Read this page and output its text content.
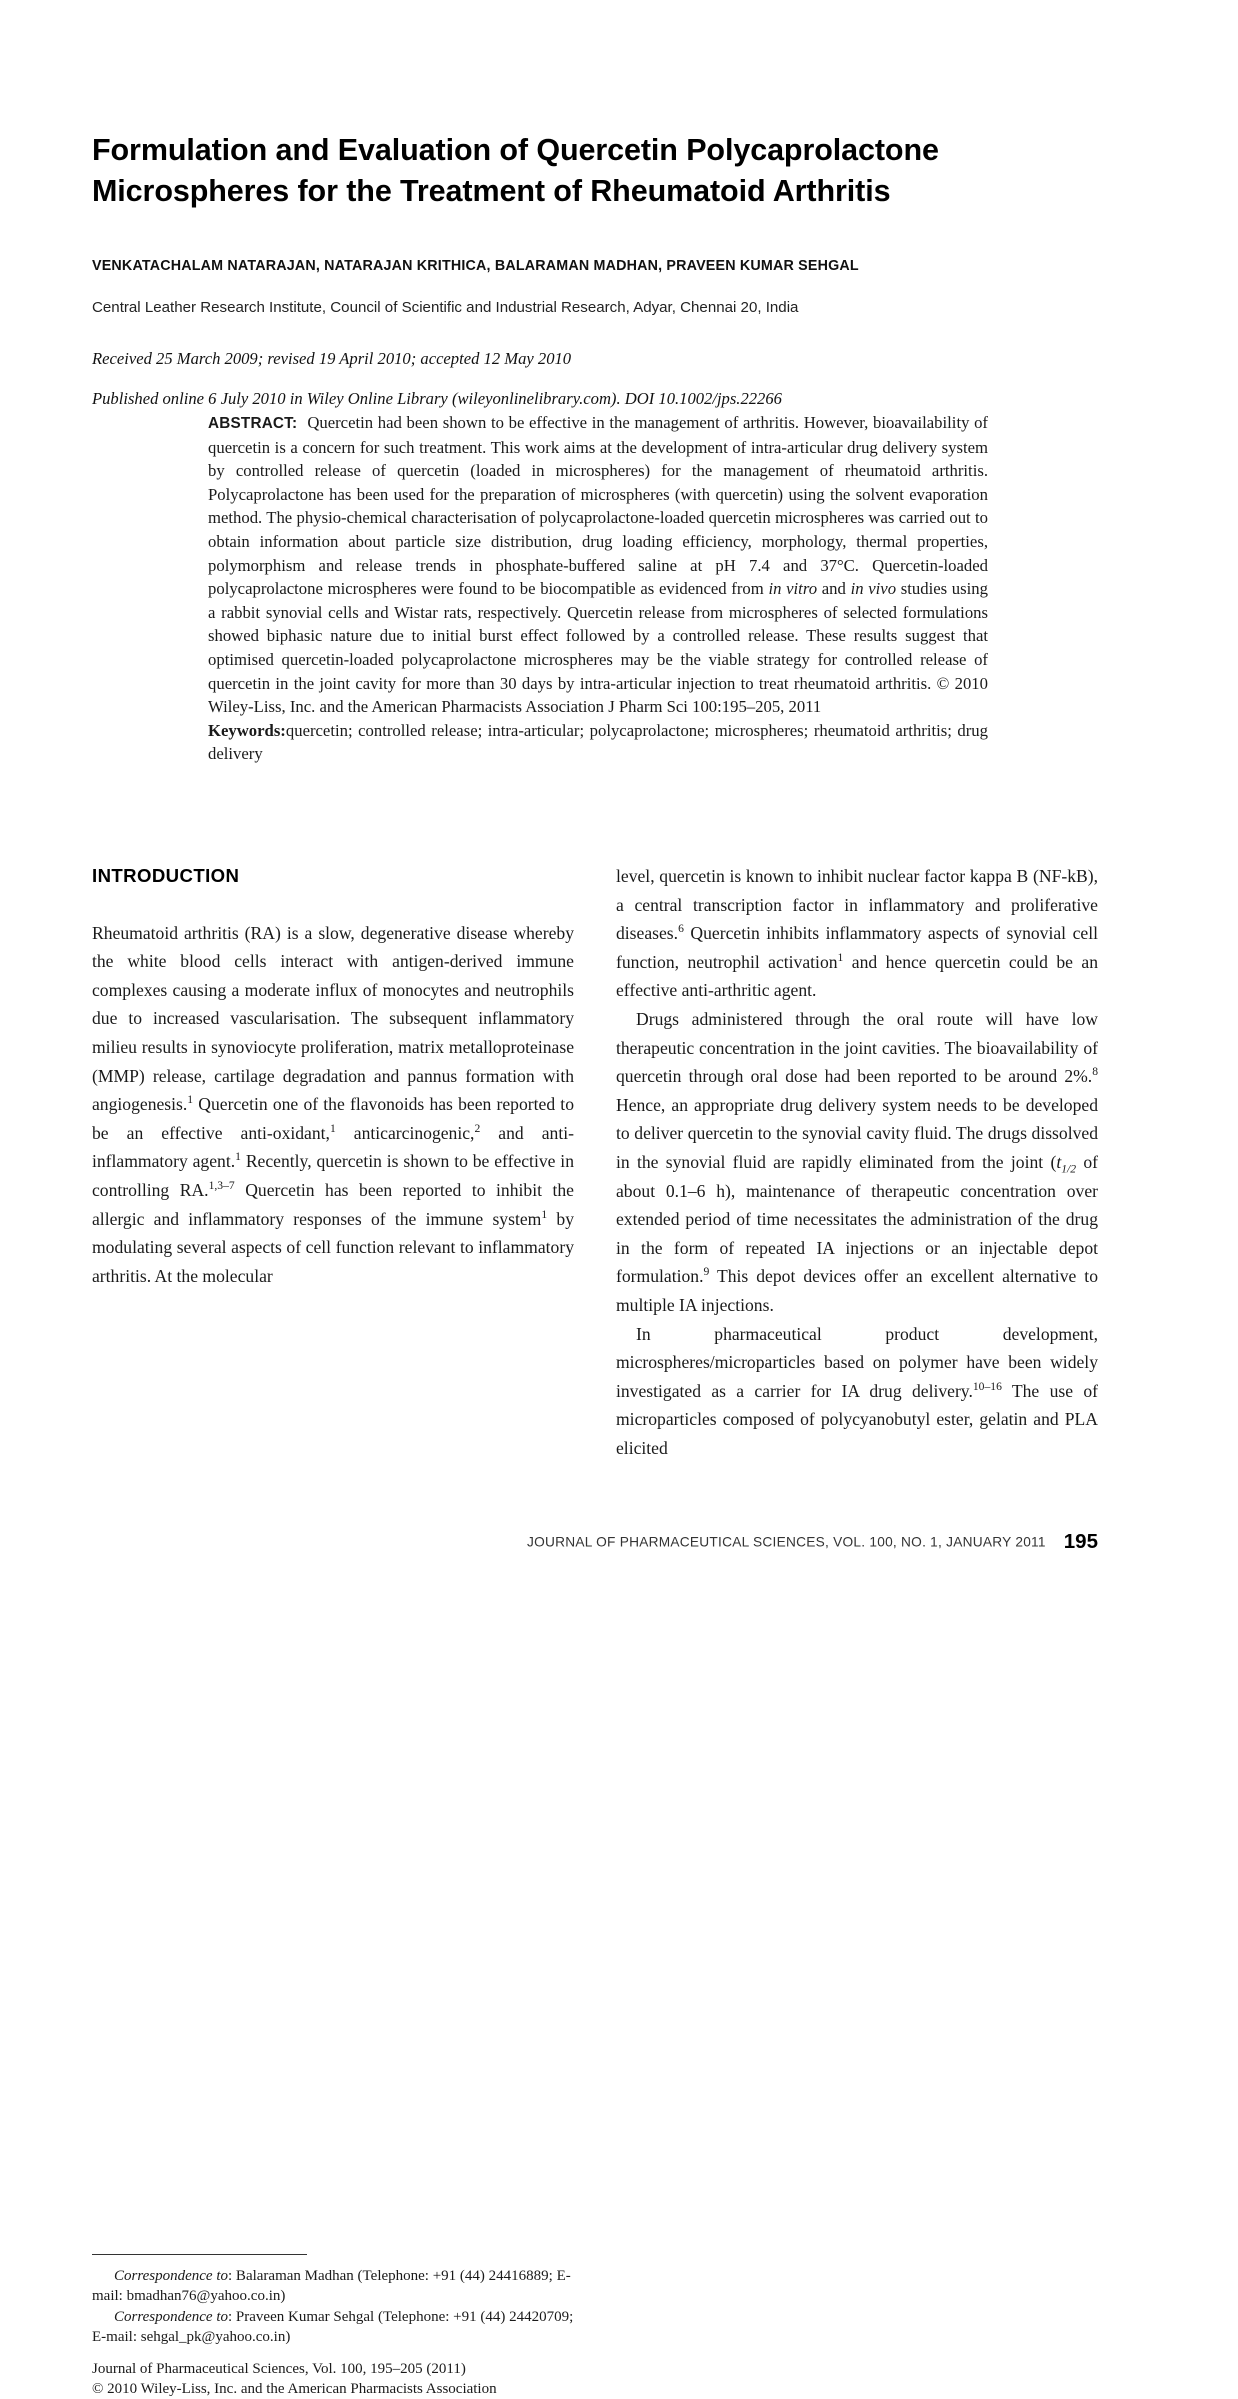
Formulation and Evaluation of Quercetin Polycaprolactone Microspheres for the Treatment of Rheumatoid Arthritis

VENKATACHALAM NATARAJAN, NATARAJAN KRITHICA, BALARAMAN MADHAN, PRAVEEN KUMAR SEHGAL

Central Leather Research Institute, Council of Scientific and Industrial Research, Adyar, Chennai 20, India

Received 25 March 2009; revised 19 April 2010; accepted 12 May 2010

Published online 6 July 2010 in Wiley Online Library (wileyonlinelibrary.com). DOI 10.1002/jps.22266

ABSTRACT: Quercetin had been shown to be effective in the management of arthritis. However, bioavailability of quercetin is a concern for such treatment. This work aims at the development of intra-articular drug delivery system by controlled release of quercetin (loaded in microspheres) for the management of rheumatoid arthritis. Polycaprolactone has been used for the preparation of microspheres (with quercetin) using the solvent evaporation method. The physio-chemical characterisation of polycaprolactone-loaded quercetin microspheres was carried out to obtain information about particle size distribution, drug loading efficiency, morphology, thermal properties, polymorphism and release trends in phosphate-buffered saline at pH 7.4 and 37°C. Quercetin-loaded polycaprolactone microspheres were found to be biocompatible as evidenced from in vitro and in vivo studies using a rabbit synovial cells and Wistar rats, respectively. Quercetin release from microspheres of selected formulations showed biphasic nature due to initial burst effect followed by a controlled release. These results suggest that optimised quercetin-loaded polycaprolactone microspheres may be the viable strategy for controlled release of quercetin in the joint cavity for more than 30 days by intra-articular injection to treat rheumatoid arthritis. © 2010 Wiley-Liss, Inc. and the American Pharmacists Association J Pharm Sci 100:195–205, 2011

Keywords:quercetin; controlled release; intra-articular; polycaprolactone; microspheres; rheumatoid arthritis; drug delivery

INTRODUCTION

Rheumatoid arthritis (RA) is a slow, degenerative disease whereby the white blood cells interact with antigen-derived immune complexes causing a moderate influx of monocytes and neutrophils due to increased vascularisation. The subsequent inflammatory milieu results in synoviocyte proliferation, matrix metalloproteinase (MMP) release, cartilage degradation and pannus formation with angiogenesis.$^1$ Quercetin one of the flavonoids has been reported to be an effective anti-oxidant,$^1$ anticarcinogenic,$^2$ and anti-inflammatory agent.$^1$ Recently, quercetin is shown to be effective in controlling RA.$^{1,3-7}$ Quercetin has been reported to inhibit the allergic and inflammatory responses of the immune system$^1$ by modulating several aspects of cell function relevant to inflammatory arthritis. At the molecular

Correspondence to: Balaraman Madhan (Telephone: +91 (44) 24416889; E-mail: bmadhan76@yahoo.co.in)

Correspondence to: Praveen Kumar Sehgal (Telephone: +91 (44) 24420709; E-mail: sehgal_pk@yahoo.co.in)

Journal of Pharmaceutical Sciences, Vol. 100, 195–205 (2011)

© 2010 Wiley-Liss, Inc. and the American Pharmacists Association

level, quercetin is known to inhibit nuclear factor kappa B (NF-kB), a central transcription factor in inflammatory and proliferative diseases.$^6$ Quercetin inhibits inflammatory aspects of synovial cell function, neutrophil activation$^1$ and hence quercetin could be an effective anti-arthritic agent.

Drugs administered through the oral route will have low therapeutic concentration in the joint cavities. The bioavailability of quercetin through oral dose had been reported to be around 2%.$^8$ Hence, an appropriate drug delivery system needs to be developed to deliver quercetin to the synovial cavity fluid. The drugs dissolved in the synovial fluid are rapidly eliminated from the joint ($t_{1/2}$ of about 0.1–6 h), maintenance of therapeutic concentration over extended period of time necessitates the administration of the drug in the form of repeated IA injections or an injectable depot formulation.$^9$ This depot devices offer an excellent alternative to multiple IA injections.

In pharmaceutical product development, microspheres/microparticles based on polymer have been widely investigated as a carrier for IA drug delivery.$^{10-16}$ The use of microparticles composed of polycyanobutyl ester, gelatin and PLA elicited

JOURNAL OF PHARMACEUTICAL SCIENCES, VOL. 100, NO. 1, JANUARY 2011 195
